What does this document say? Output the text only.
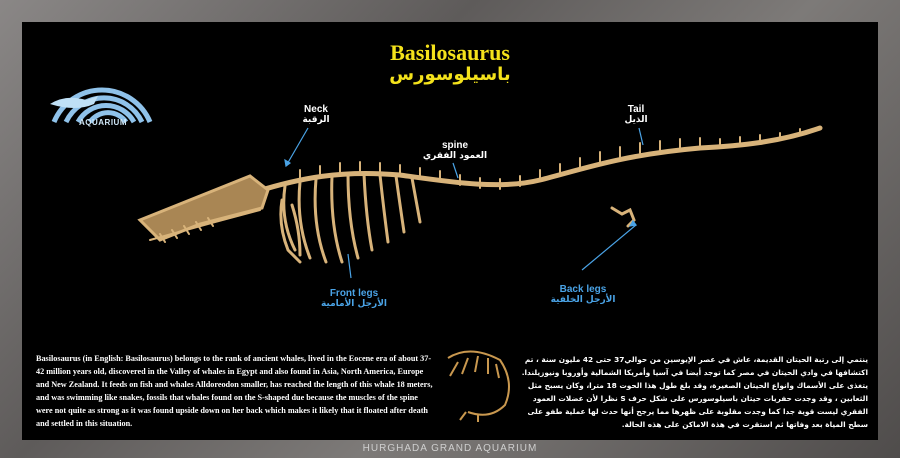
AQUARIUM
Basilosaurus
باسيلوسورس
Neck
الرقبة
spine
العمود الفقري
Tail
الذيل
Front legs
الأرجل الأمامية
Back legs
الأرجل الخلفية
Basilosaurus (in English: Basilosaurus) belongs to the rank of ancient whales, lived in the Eocene era of about 37-42 million years old, discovered in the Valley of whales in Egypt and also found in Asia, North America, Europe and New Zealand. It feeds on fish and whales Alldoreodon smaller, has reached the length of this whale 18 meters, and was swimming like snakes, fossils that whales found on the S-shaped due because the muscles of the spine were not quite as strong as it was found upside down on her back which makes it likely that it floated after death and settled in this situation.
ينتمي إلى رتبة الحيتان القديمة، عاش في عصر الإيوسين من حوالي37 حتى 42 مليون سنة ، تم اكتشافها في وادي الحيتان في مصر كما توجد أيضا في آسيا وأمريكا الشمالية وأوروبا ونيوزيلندا. يتغذى على الأسماك وانواع الحيتان الصغيرة، وقد بلغ طول هذا الحوت 18 مترا، وكان يسبح مثل الثعابين ، وقد وجدت حفريات حيتان باسيلوسورس على شكل حرف S نظرا لأن عضلات العمود الفقري ليست قوية جدا كما وجدت مقلوبة على ظهرها مما يرجح أنها حدث لها عملية طفو على سطح المياة بعد وفاتها ثم استقرت في هذة الاماكن على هذه الحالة.
HURGHADA GRAND AQUARIUM
